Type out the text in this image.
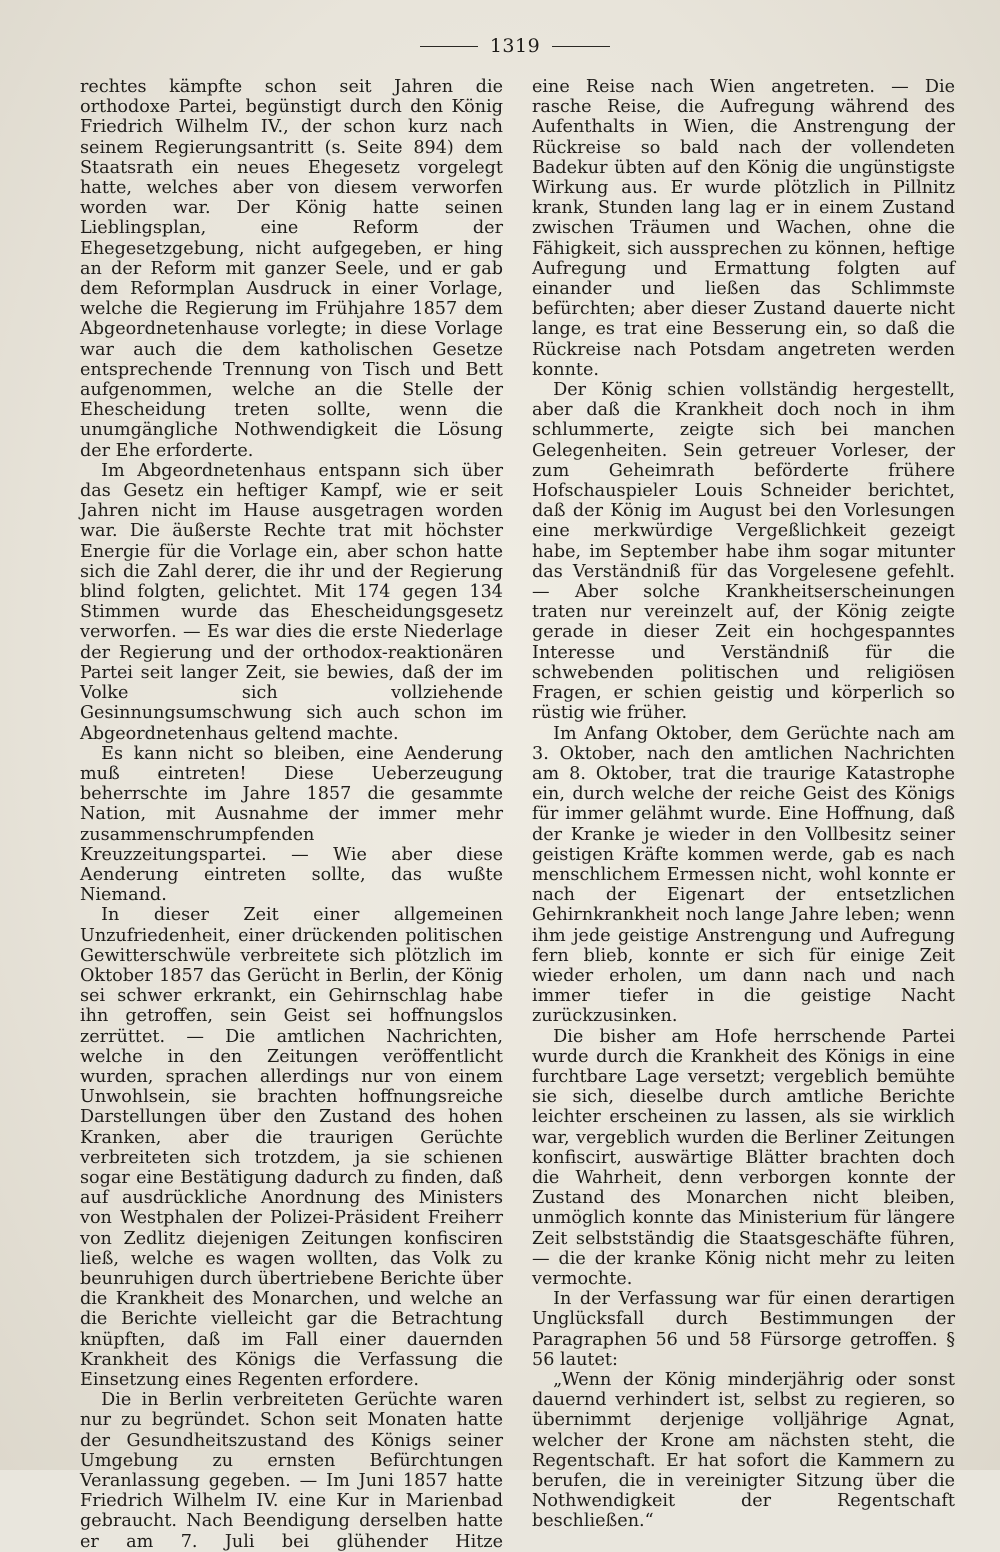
1319

rechtes kämpfte schon seit Jahren die orthodoxe Partei, begünstigt durch den König Friedrich Wilhelm IV., der schon kurz nach seinem Regierungsantritt (s. Seite 894) dem Staatsrath ein neues Ehegesetz vorgelegt hatte, welches aber von diesem verworfen worden war. Der König hatte seinen Lieblingsplan, eine Reform der Ehegesetzgebung, nicht aufgegeben, er hing an der Reform mit ganzer Seele, und er gab dem Reformplan Ausdruck in einer Vorlage, welche die Regierung im Frühjahre 1857 dem Abgeordnetenhause vorlegte; in diese Vorlage war auch die dem katholischen Gesetze entsprechende Trennung von Tisch und Bett aufgenommen, welche an die Stelle der Ehescheidung treten sollte, wenn die unumgängliche Nothwendigkeit die Lösung der Ehe erforderte.

Im Abgeordnetenhaus entspann sich über das Gesetz ein heftiger Kampf, wie er seit Jahren nicht im Hause ausgetragen worden war. Die äußerste Rechte trat mit höchster Energie für die Vorlage ein, aber schon hatte sich die Zahl derer, die ihr und der Regierung blind folgten, gelichtet. Mit 174 gegen 134 Stimmen wurde das Ehescheidungsgesetz verworfen. — Es war dies die erste Niederlage der Regierung und der orthodox-reaktionären Partei seit langer Zeit, sie bewies, daß der im Volke sich vollziehende Gesinnungsumschwung sich auch schon im Abgeordnetenhaus geltend machte.

Es kann nicht so bleiben, eine Aenderung muß eintreten! Diese Ueberzeugung beherrschte im Jahre 1857 die gesammte Nation, mit Ausnahme der immer mehr zusammenschrumpfenden Kreuzzeitungspartei. — Wie aber diese Aenderung eintreten sollte, das wußte Niemand.

In dieser Zeit einer allgemeinen Unzufriedenheit, einer drückenden politischen Gewitterschwüle verbreitete sich plötzlich im Oktober 1857 das Gerücht in Berlin, der König sei schwer erkrankt, ein Gehirnschlag habe ihn getroffen, sein Geist sei hoffnungslos zerrüttet. — Die amtlichen Nachrichten, welche in den Zeitungen veröffentlicht wurden, sprachen allerdings nur von einem Unwohlsein, sie brachten hoffnungsreiche Darstellungen über den Zustand des hohen Kranken, aber die traurigen Gerüchte verbreiteten sich trotzdem, ja sie schienen sogar eine Bestätigung dadurch zu finden, daß auf ausdrückliche Anordnung des Ministers von Westphalen der Polizei-Präsident Freiherr von Zedlitz diejenigen Zeitungen konfisciren ließ, welche es wagen wollten, das Volk zu beunruhigen durch übertriebene Berichte über die Krankheit des Monarchen, und welche an die Berichte vielleicht gar die Betrachtung knüpften, daß im Fall einer dauernden Krankheit des Königs die Verfassung die Einsetzung eines Regenten erfordere.

Die in Berlin verbreiteten Gerüchte waren nur zu begründet. Schon seit Monaten hatte der Gesundheitszustand des Königs seiner Umgebung zu ernsten Befürchtungen Veranlassung gegeben. — Im Juni 1857 hatte Friedrich Wilhelm IV. eine Kur in Marienbad gebraucht. Nach Beendigung derselben hatte er am 7. Juli bei glühender Hitze

eine Reise nach Wien angetreten. — Die rasche Reise, die Aufregung während des Aufenthalts in Wien, die Anstrengung der Rückreise so bald nach der vollendeten Badekur übten auf den König die ungünstigste Wirkung aus. Er wurde plötzlich in Pillnitz krank, Stunden lang lag er in einem Zustand zwischen Träumen und Wachen, ohne die Fähigkeit, sich aussprechen zu können, heftige Aufregung und Ermattung folgten auf einander und ließen das Schlimmste befürchten; aber dieser Zustand dauerte nicht lange, es trat eine Besserung ein, so daß die Rückreise nach Potsdam angetreten werden konnte.

Der König schien vollständig hergestellt, aber daß die Krankheit doch noch in ihm schlummerte, zeigte sich bei manchen Gelegenheiten. Sein getreuer Vorleser, der zum Geheimrath beförderte frühere Hofschauspieler Louis Schneider berichtet, daß der König im August bei den Vorlesungen eine merkwürdige Vergeßlichkeit gezeigt habe, im September habe ihm sogar mitunter das Verständniß für das Vorgelesene gefehlt. — Aber solche Krankheitserscheinungen traten nur vereinzelt auf, der König zeigte gerade in dieser Zeit ein hochgespanntes Interesse und Verständniß für die schwebenden politischen und religiösen Fragen, er schien geistig und körperlich so rüstig wie früher.

Im Anfang Oktober, dem Gerüchte nach am 3. Oktober, nach den amtlichen Nachrichten am 8. Oktober, trat die traurige Katastrophe ein, durch welche der reiche Geist des Königs für immer gelähmt wurde. Eine Hoffnung, daß der Kranke je wieder in den Vollbesitz seiner geistigen Kräfte kommen werde, gab es nach menschlichem Ermessen nicht, wohl konnte er nach der Eigenart der entsetzlichen Gehirnkrankheit noch lange Jahre leben; wenn ihm jede geistige Anstrengung und Aufregung fern blieb, konnte er sich für einige Zeit wieder erholen, um dann nach und nach immer tiefer in die geistige Nacht zurückzusinken.

Die bisher am Hofe herrschende Partei wurde durch die Krankheit des Königs in eine furchtbare Lage versetzt; vergeblich bemühte sie sich, dieselbe durch amtliche Berichte leichter erscheinen zu lassen, als sie wirklich war, vergeblich wurden die Berliner Zeitungen konfiscirt, auswärtige Blätter brachten doch die Wahrheit, denn verborgen konnte der Zustand des Monarchen nicht bleiben, unmöglich konnte das Ministerium für längere Zeit selbstständig die Staatsgeschäfte führen, — die der kranke König nicht mehr zu leiten vermochte.

In der Verfassung war für einen derartigen Unglücksfall durch Bestimmungen der Paragraphen 56 und 58 Fürsorge getroffen. § 56 lautet:

„Wenn der König minderjährig oder sonst dauernd verhindert ist, selbst zu regieren, so übernimmt derjenige volljährige Agnat, welcher der Krone am nächsten steht, die Regentschaft. Er hat sofort die Kammern zu berufen, die in vereinigter Sitzung über die Nothwendigkeit der Regentschaft beschließen.“
